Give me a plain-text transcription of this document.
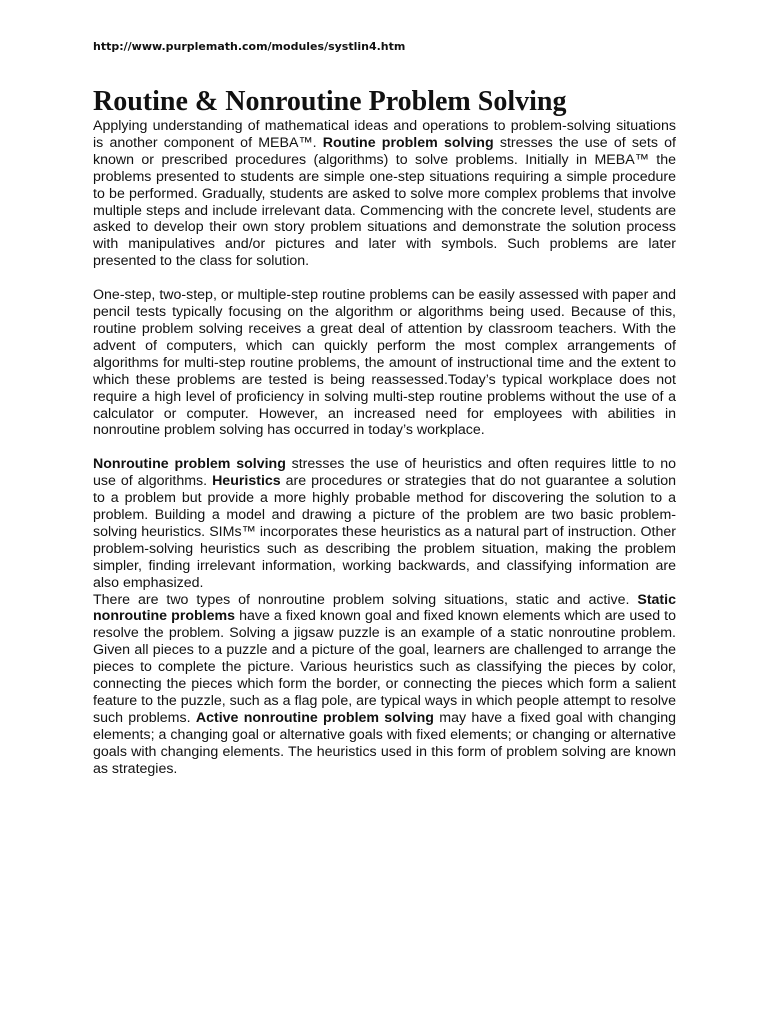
http://www.purplemath.com/modules/systlin4.htm
Routine & Nonroutine Problem Solving

Applying understanding of mathematical ideas and operations to problem-solving situations is another component of MEBA™. Routine problem solving stresses the use of sets of known or prescribed procedures (algorithms) to solve problems. Initially in MEBA™ the problems presented to students are simple one-step situations requiring a simple procedure to be performed. Gradually, students are asked to solve more complex problems that involve multiple steps and include irrelevant data. Commencing with the concrete level, students are asked to develop their own story problem situations and demonstrate the solution process with manipulatives and/or pictures and later with symbols. Such problems are later presented to the class for solution.

One-step, two-step, or multiple-step routine problems can be easily assessed with paper and pencil tests typically focusing on the algorithm or algorithms being used. Because of this, routine problem solving receives a great deal of attention by classroom teachers. With the advent of computers, which can quickly perform the most complex arrangements of algorithms for multi-step routine problems, the amount of instructional time and the extent to which these problems are tested is being reassessed.Today’s typical workplace does not require a high level of proficiency in solving multi-step routine problems without the use of a calculator or computer. However, an increased need for employees with abilities in nonroutine problem solving has occurred in today’s workplace.

Nonroutine problem solving stresses the use of heuristics and often requires little to no use of algorithms. Heuristics are procedures or strategies that do not guarantee a solution to a problem but provide a more highly probable method for discovering the solution to a problem. Building a model and drawing a picture of the problem are two basic problem-solving heuristics. SIMs™ incorporates these heuristics as a natural part of instruction. Other problem-solving heuristics such as describing the problem situation, making the problem simpler, finding irrelevant information, working backwards, and classifying information are also emphasized.

There are two types of nonroutine problem solving situations, static and active. Static nonroutine problems have a fixed known goal and fixed known elements which are used to resolve the problem. Solving a jigsaw puzzle is an example of a static nonroutine problem. Given all pieces to a puzzle and a picture of the goal, learners are challenged to arrange the pieces to complete the picture. Various heuristics such as classifying the pieces by color, connecting the pieces which form the border, or connecting the pieces which form a salient feature to the puzzle, such as a flag pole, are typical ways in which people attempt to resolve such problems. Active nonroutine problem solving may have a fixed goal with changing elements; a changing goal or alternative goals with fixed elements; or changing or alternative goals with changing elements. The heuristics used in this form of problem solving are known as strategies.
